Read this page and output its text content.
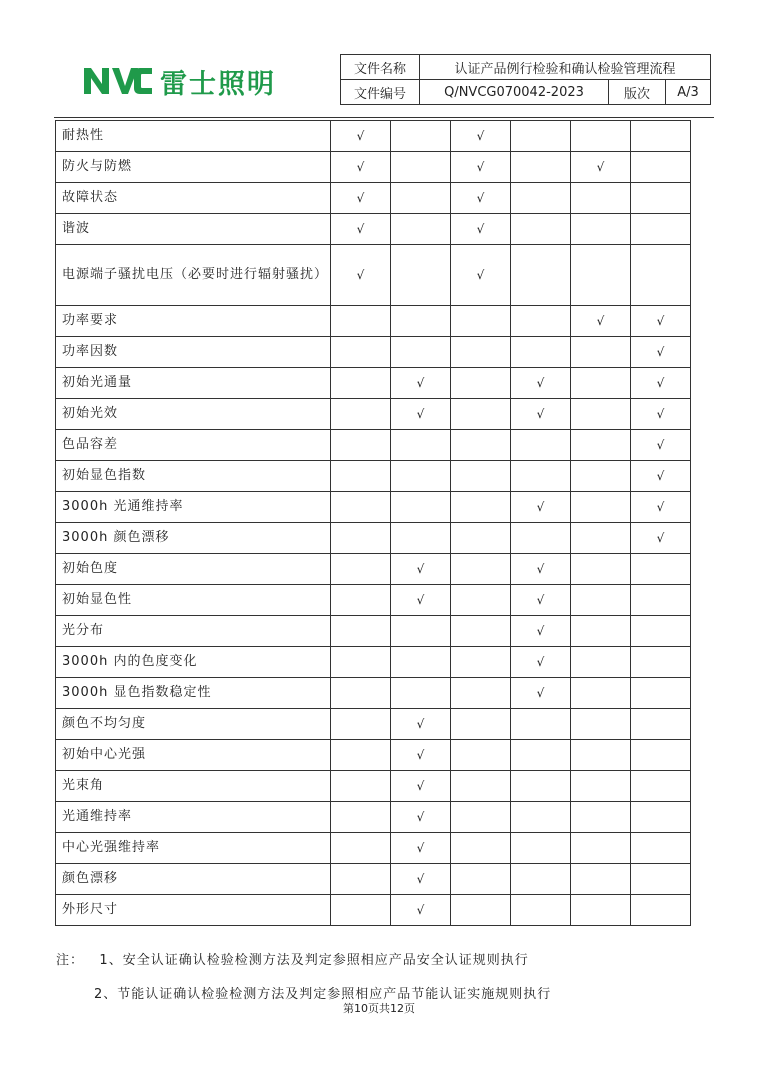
雷士照明	文件名称	认证产品例行检验和确认检验管理流程		
文件编号	Q/NVCG070042-2023	版次	A/3
耐热性	√		√			
防火与防燃	√		√		√	
故障状态	√		√			
谐波	√		√			
电源端子骚扰电压（必要时进行辐射骚扰）	√		√			
功率要求					√	√
功率因数						√
初始光通量		√		√		√
初始光效		√		√		√
色品容差						√
初始显色指数						√
3000h 光通维持率				√		√
3000h 颜色漂移						√
初始色度		√		√		
初始显色性		√		√		
光分布				√		
3000h 内的色度变化				√		
3000h 显色指数稳定性				√		
颜色不均匀度		√				
初始中心光强		√				
光束角		√				
光通维持率		√				
中心光强维持率		√				
颜色漂移		√				
外形尺寸		√				
注： 1、安全认证确认检验检测方法及判定参照相应产品安全认证规则执行
2、节能认证确认检验检测方法及判定参照相应产品节能认证实施规则执行
第10页共12页
